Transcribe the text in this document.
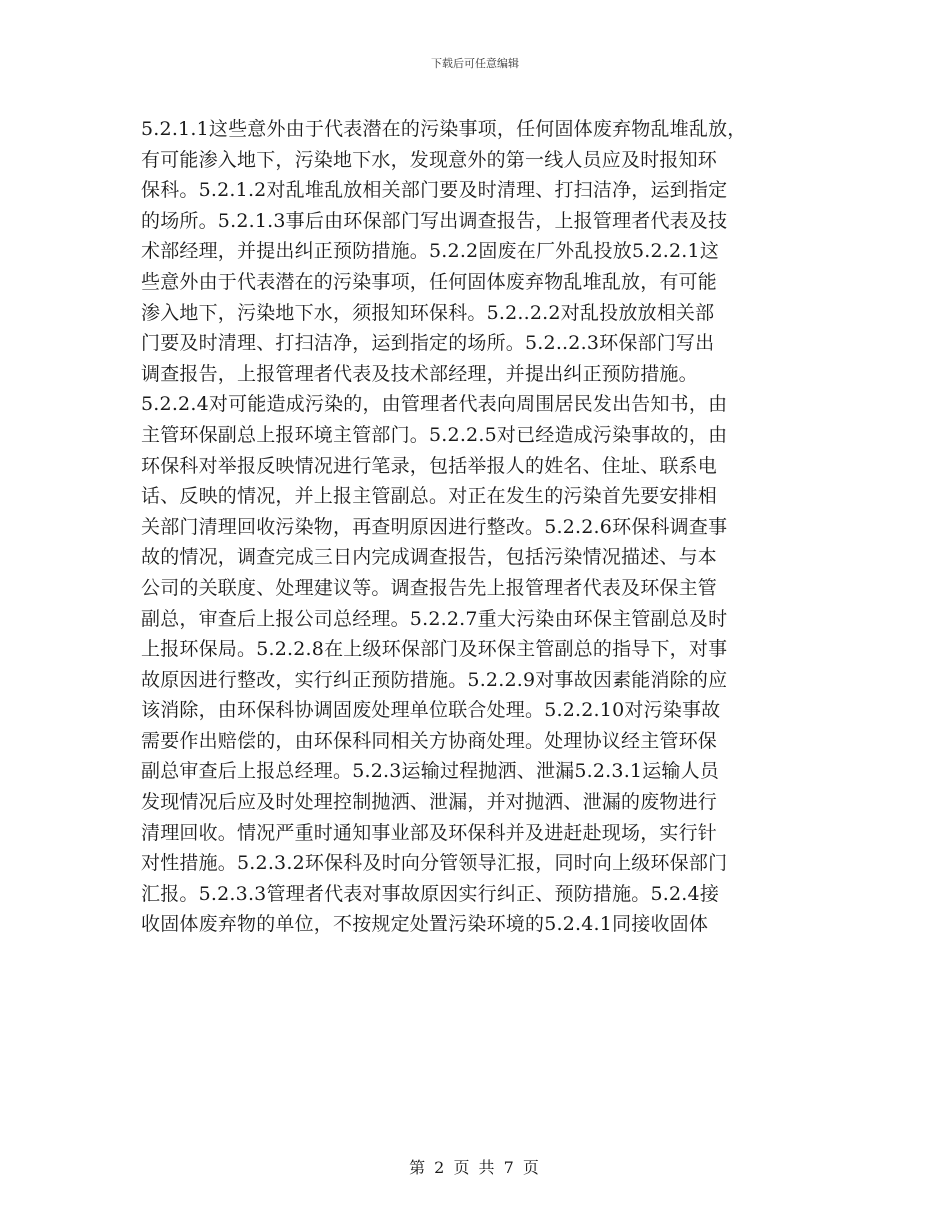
下载后可任意编辑
5.2.1.1这些意外由于代表潜在的污染事项，任何固体废弃物乱堆乱放，
有可能渗入地下，污染地下水，发现意外的第一线人员应及时报知环
保科。5.2.1.2对乱堆乱放相关部门要及时清理、打扫洁净，运到指定
的场所。5.2.1.3事后由环保部门写出调查报告，上报管理者代表及技
术部经理，并提出纠正预防措施。5.2.2固废在厂外乱投放5.2.2.1这
些意外由于代表潜在的污染事项，任何固体废弃物乱堆乱放，有可能
渗入地下，污染地下水，须报知环保科。5.2..2.2对乱投放放相关部
门要及时清理、打扫洁净，运到指定的场所。5.2..2.3环保部门写出
调查报告，上报管理者代表及技术部经理，并提出纠正预防措施。
5.2.2.4对可能造成污染的，由管理者代表向周围居民发出告知书，由
主管环保副总上报环境主管部门。5.2.2.5对已经造成污染事故的，由
环保科对举报反映情况进行笔录，包括举报人的姓名、住址、联系电
话、反映的情况，并上报主管副总。对正在发生的污染首先要安排相
关部门清理回收污染物，再查明原因进行整改。5.2.2.6环保科调查事
故的情况，调查完成三日内完成调查报告，包括污染情况描述、与本
公司的关联度、处理建议等。调查报告先上报管理者代表及环保主管
副总，审查后上报公司总经理。5.2.2.7重大污染由环保主管副总及时
上报环保局。5.2.2.8在上级环保部门及环保主管副总的指导下，对事
故原因进行整改，实行纠正预防措施。5.2.2.9对事故因素能消除的应
该消除，由环保科协调固废处理单位联合处理。5.2.2.10对污染事故
需要作出赔偿的，由环保科同相关方协商处理。处理协议经主管环保
副总审查后上报总经理。5.2.3运输过程抛洒、泄漏5.2.3.1运输人员
发现情况后应及时处理控制抛洒、泄漏，并对抛洒、泄漏的废物进行
清理回收。情况严重时通知事业部及环保科并及进赶赴现场，实行针
对性措施。5.2.3.2环保科及时向分管领导汇报，同时向上级环保部门
汇报。5.2.3.3管理者代表对事故原因实行纠正、预防措施。5.2.4接
收固体废弃物的单位，不按规定处置污染环境的5.2.4.1同接收固体
第 2 页 共 7 页
